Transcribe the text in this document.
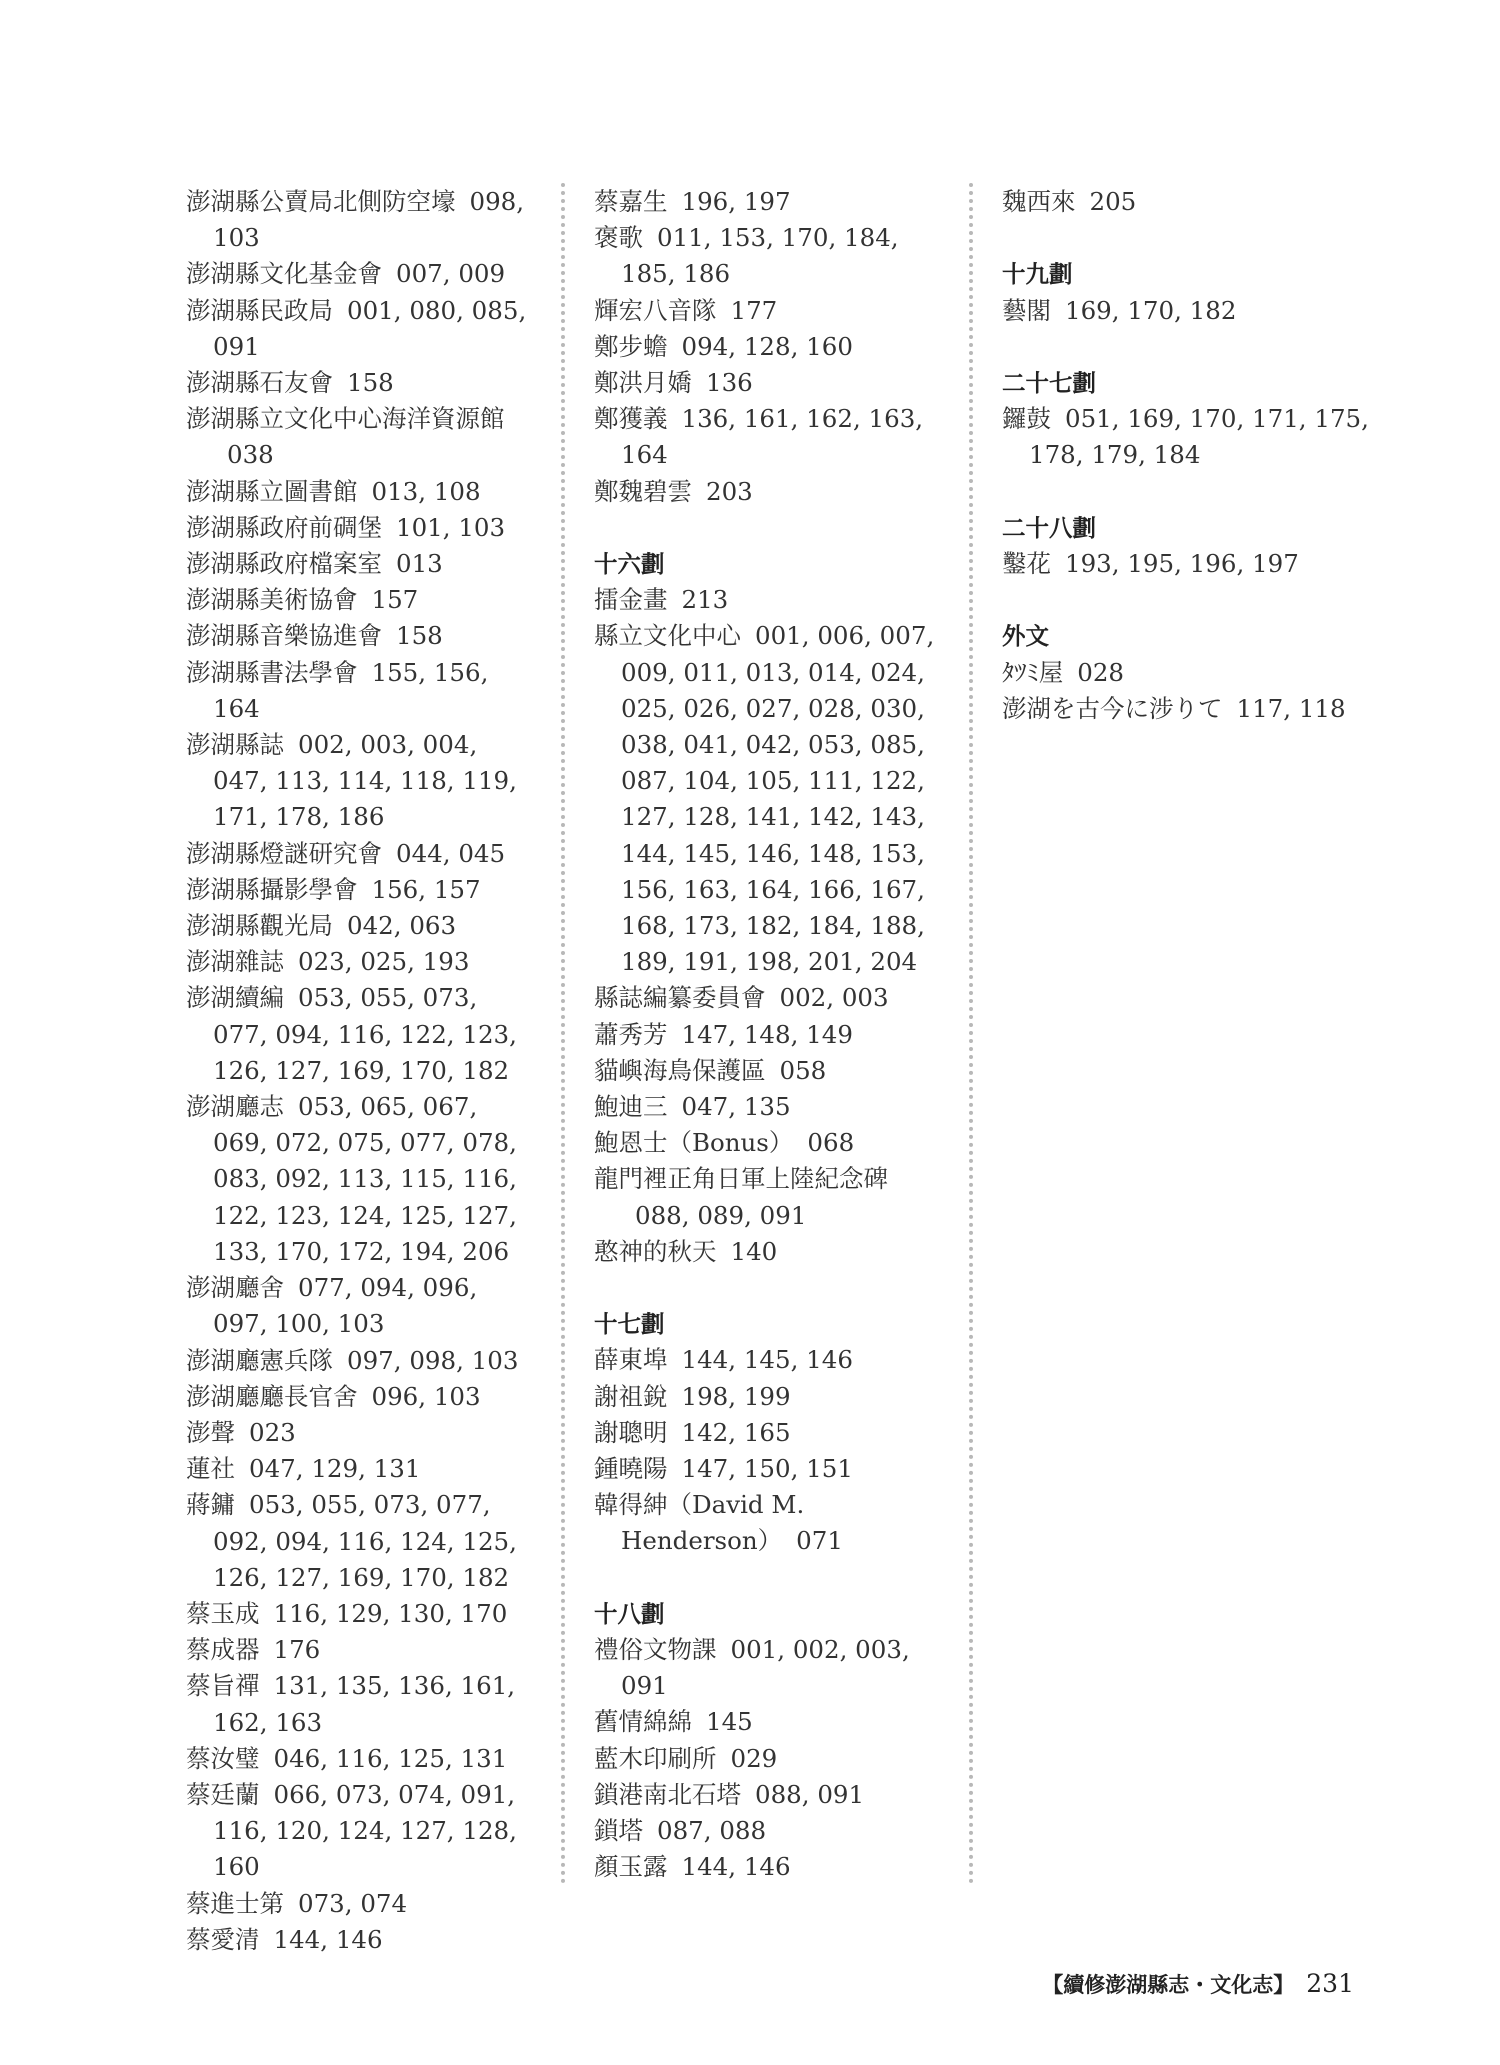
澎湖縣公賣局北側防空壕 098, 103
澎湖縣文化基金會 007, 009
澎湖縣民政局 001, 080, 085, 091
澎湖縣石友會 158
澎湖縣立文化中心海洋資源館038
澎湖縣立圖書館 013, 108
澎湖縣政府前碉堡 101, 103
澎湖縣政府檔案室 013
澎湖縣美術協會 157
澎湖縣音樂協進會 158
澎湖縣書法學會 155, 156, 164
澎湖縣誌 002, 003, 004, 047, 113, 114, 118, 119, 171, 178, 186
澎湖縣燈謎研究會 044, 045
澎湖縣攝影學會 156, 157
澎湖縣觀光局 042, 063
澎湖雜誌 023, 025, 193
澎湖續編 053, 055, 073, 077, 094, 116, 122, 123, 126, 127, 169, 170, 182
澎湖廳志 053, 065, 067, 069, 072, 075, 077, 078, 083, 092, 113, 115, 116, 122, 123, 124, 125, 127, 133, 170, 172, 194, 206
澎湖廳舍 077, 094, 096, 097, 100, 103
澎湖廳憲兵隊 097, 098, 103
澎湖廳廳長官舍 096, 103
澎聲 023
蓮社 047, 129, 131
蔣鏞 053, 055, 073, 077, 092, 094, 116, 124, 125, 126, 127, 169, 170, 182
蔡玉成 116, 129, 130, 170
蔡成器 176
蔡旨禪 131, 135, 136, 161, 162, 163
蔡汝璧 046, 116, 125, 131
蔡廷蘭 066, 073, 074, 091, 116, 120, 124, 127, 128, 160
蔡進士第 073, 074
蔡愛清 144, 146
蔡嘉生 196, 197
褒歌 011, 153, 170, 184, 185, 186
輝宏八音隊 177
鄭步蟾 094, 128, 160
鄭洪月嬌 136
鄭獲義 136, 161, 162, 163, 164
鄭魏碧雲 203
十六劃
擂金畫 213
縣立文化中心 001, 006, 007, 009, 011, 013, 014, 024, 025, 026, 027, 028, 030, 038, 041, 042, 053, 085, 087, 104, 105, 111, 122, 127, 128, 141, 142, 143, 144, 145, 146, 148, 153, 156, 163, 164, 166, 167, 168, 173, 182, 184, 188, 189, 191, 198, 201, 204
縣誌編纂委員會 002, 003
蕭秀芳 147, 148, 149
貓嶼海鳥保護區 058
鮑迪三 047, 135
鮑恩士（Bonus） 068
龍門裡正角日軍上陸紀念碑088, 089, 091
憨神的秋天 140
十七劃
薛東埠 144, 145, 146
謝祖銳 198, 199
謝聰明 142, 165
鍾曉陽 147, 150, 151
韓得紳（David M. Henderson） 071
十八劃
禮俗文物課 001, 002, 003, 091
舊情綿綿 145
藍木印刷所 029
鎖港南北石塔 088, 091
鎖塔 087, 088
顏玉露 144, 146
魏西來 205
十九劃
藝閣 169, 170, 182
二十七劃
鑼鼓 051, 169, 170, 171, 175, 178, 179, 184
二十八劃
鑿花 193, 195, 196, 197
外文
ﾀﾂﾐ屋 028
澎湖を古今に涉りて 117, 118
【續修澎湖縣志・文化志】 231
